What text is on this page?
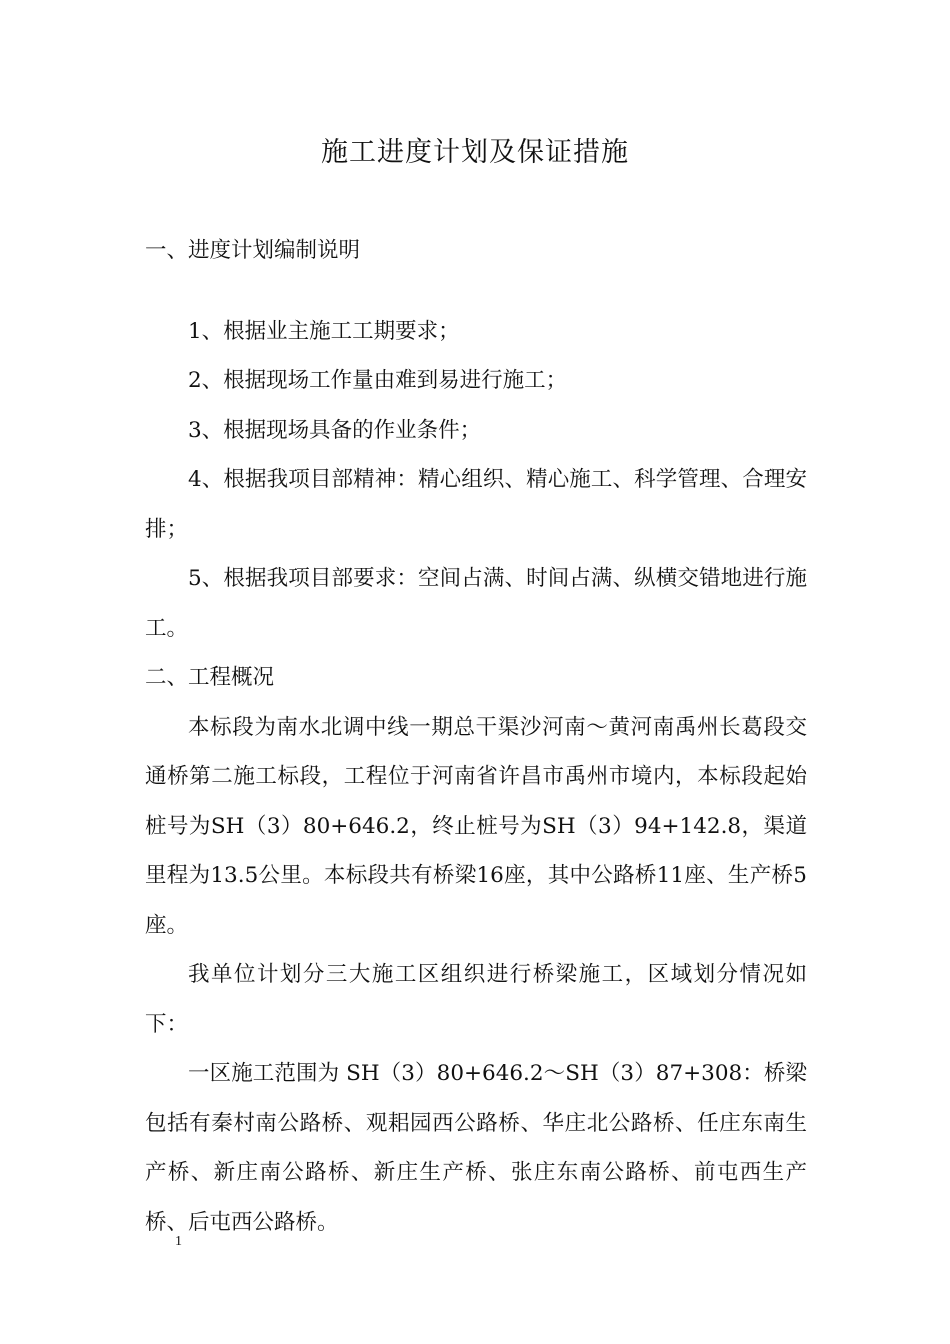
施工进度计划及保证措施

一、进度计划编制说明

1、根据业主施工工期要求；

2、根据现场工作量由难到易进行施工；

3、根据现场具备的作业条件；

4、根据我项目部精神：精心组织、精心施工、科学管理、合理安排；

5、根据我项目部要求：空间占满、时间占满、纵横交错地进行施工。

二、工程概况

本标段为南水北调中线一期总干渠沙河南～黄河南禹州长葛段交通桥第二施工标段，工程位于河南省许昌市禹州市境内，本标段起始桩号为SH（3）80+646.2，终止桩号为SH（3）94+142.8，渠道里程为13.5公里。本标段共有桥梁16座，其中公路桥11座、生产桥5座。

我单位计划分三大施工区组织进行桥梁施工，区域划分情况如下：

一区施工范围为 SH（3）80+646.2～SH（3）87+308：桥梁包括有秦村南公路桥、观耜园西公路桥、华庄北公路桥、任庄东南生产桥、新庄南公路桥、新庄生产桥、张庄东南公路桥、前屯西生产桥、后屯西公路桥。

1
